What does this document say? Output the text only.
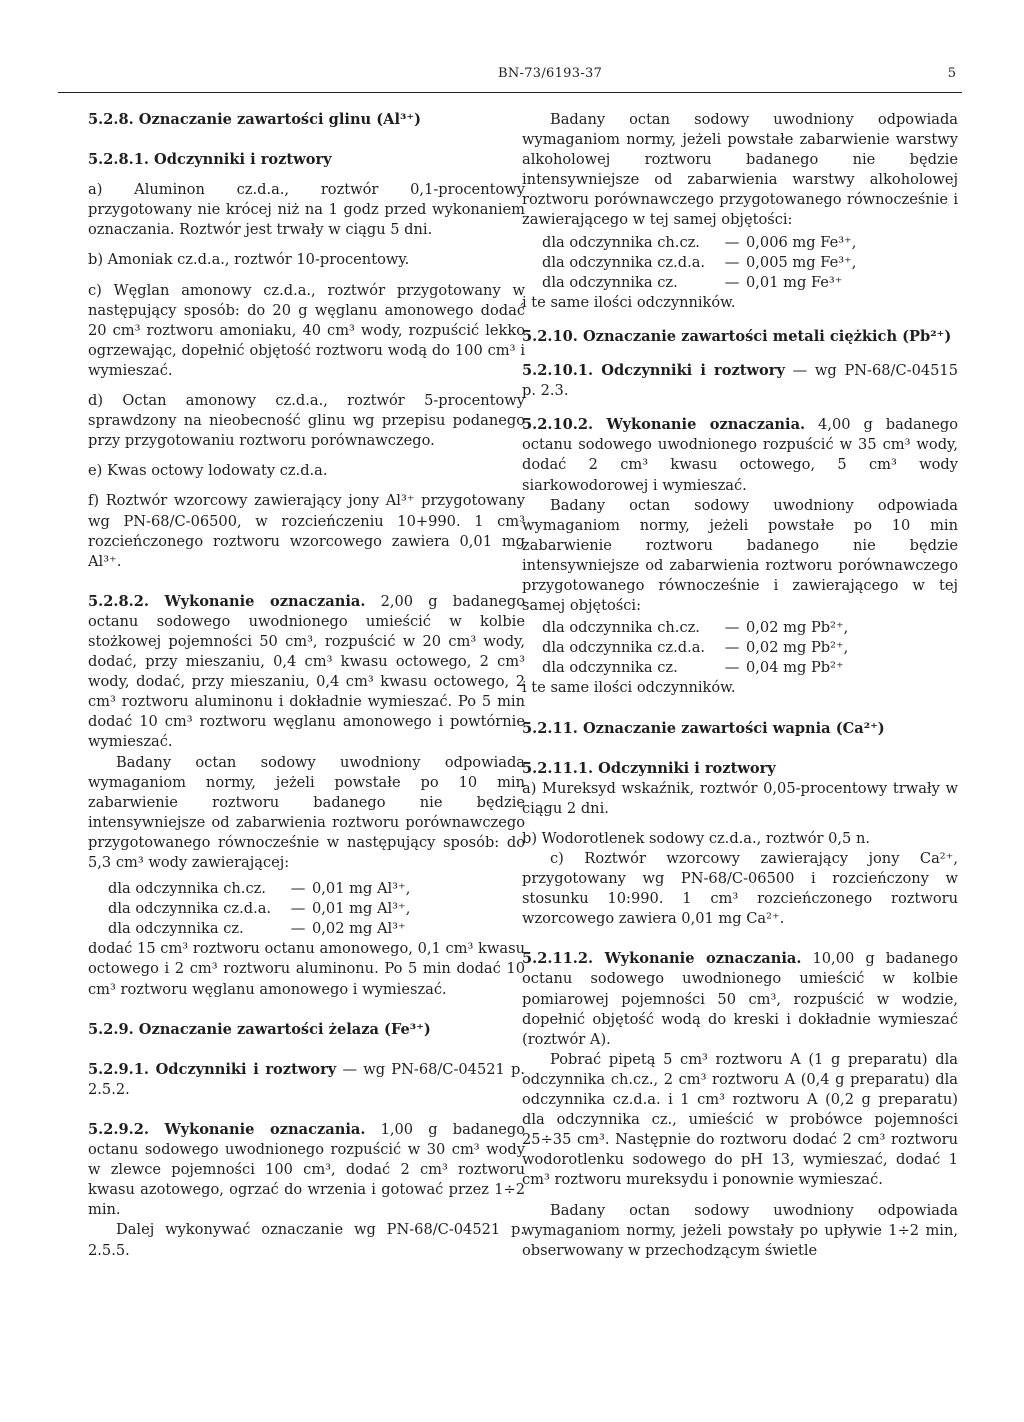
BN-73/6193-37	5

5.2.8. Oznaczanie zawartości glinu (Al³⁺)

5.2.8.1. Odczynniki i roztwory

a) Aluminon cz.d.a., roztwór 0,1-procentowy przygotowany nie krócej niż na 1 godz przed wykonaniem oznaczania. Roztwór jest trwały w ciągu 5 dni.

b) Amoniak cz.d.a., roztwór 10-procentowy.

c) Węglan amonowy cz.d.a., roztwór przygotowany w następujący sposób: do 20 g węglanu amonowego dodać 20 cm³ roztworu amoniaku, 40 cm³ wody, rozpuścić lekko ogrzewając, dopełnić objętość roztworu wodą do 100 cm³ i wymieszać.

d) Octan amonowy cz.d.a., roztwór 5-procentowy sprawdzony na nieobecność glinu wg przepisu podanego przy przygotowaniu roztworu porównawczego.

e) Kwas octowy lodowaty cz.d.a.

f) Roztwór wzorcowy zawierający jony Al³⁺ przygotowany wg PN-68/C-06500, w rozcieńczeniu 10+990. 1 cm³ rozcieńczonego roztworu wzorcowego zawiera 0,01 mg Al³⁺.

5.2.8.2. Wykonanie oznaczania. 2,00 g badanego octanu sodowego uwodnionego umieścić w kolbie stożkowej pojemności 50 cm³, rozpuścić w 20 cm³ wody, dodać, przy mieszaniu, 0,4 cm³ kwasu octowego, 2 cm³ wody, dodać, przy mieszaniu, 0,4 cm³ kwasu octowego, 2 cm³ roztworu aluminonu i dokładnie wymieszać. Po 5 min dodać 10 cm³ roztworu węglanu amonowego i powtórnie wymieszać.

Badany octan sodowy uwodniony odpowiada wymaganiom normy, jeżeli powstałe po 10 min zabarwienie roztworu badanego nie będzie intensywniejsze od zabarwienia roztworu porównawczego przygotowanego równocześnie w następujący sposób: do 5,3 cm³ wody zawierającej:

dla odczynnika ch.cz.	— 0,01 mg Al³⁺,
dla odczynnika cz.d.a.	— 0,01 mg Al³⁺,
dla odczynnika cz.	— 0,02 mg Al³⁺

dodać 15 cm³ roztworu octanu amonowego, 0,1 cm³ kwasu octowego i 2 cm³ roztworu aluminonu. Po 5 min dodać 10 cm³ roztworu węglanu amonowego i wymieszać.

5.2.9. Oznaczanie zawartości żelaza (Fe³⁺)

5.2.9.1. Odczynniki i roztwory — wg PN-68/C-04521 p. 2.5.2.

5.2.9.2. Wykonanie oznaczania. 1,00 g badanego octanu sodowego uwodnionego rozpuścić w 30 cm³ wody w zlewce pojemności 100 cm³, dodać 2 cm³ roztworu kwasu azotowego, ogrzać do wrzenia i gotować przez 1÷2 min.

Dalej wykonywać oznaczanie wg PN-68/C-04521 p. 2.5.5.

Badany octan sodowy uwodniony odpowiada wymaganiom normy, jeżeli powstałe zabarwienie warstwy alkoholowej roztworu badanego nie będzie intensywniejsze od zabarwienia warstwy alkoholowej roztworu porównawczego przygotowanego równocześnie i zawierającego w tej samej objętości:

dla odczynnika ch.cz.	— 0,006 mg Fe³⁺,
dla odczynnika cz.d.a.	— 0,005 mg Fe³⁺,
dla odczynnika cz.	— 0,01 mg Fe³⁺

i te same ilości odczynników.

5.2.10. Oznaczanie zawartości metali ciężkich (Pb²⁺)

5.2.10.1. Odczynniki i roztwory — wg PN-68/C-04515 p. 2.3.

5.2.10.2. Wykonanie oznaczania. 4,00 g badanego octanu sodowego uwodnionego rozpuścić w 35 cm³ wody, dodać 2 cm³ kwasu octowego, 5 cm³ wody siarkowodorowej i wymieszać.

Badany octan sodowy uwodniony odpowiada wymaganiom normy, jeżeli powstałe po 10 min zabarwienie roztworu badanego nie będzie intensywniejsze od zabarwienia roztworu porównawczego przygotowanego równocześnie i zawierającego w tej samej objętości:

dla odczynnika ch.cz.	— 0,02 mg Pb²⁺,
dla odczynnika cz.d.a.	— 0,02 mg Pb²⁺,
dla odczynnika cz.	— 0,04 mg Pb²⁺

i te same ilości odczynników.

5.2.11. Oznaczanie zawartości wapnia (Ca²⁺)

5.2.11.1. Odczynniki i roztwory

a) Mureksyd wskaźnik, roztwór 0,05-procentowy trwały w ciągu 2 dni.

b) Wodorotlenek sodowy cz.d.a., roztwór 0,5 n.

c) Roztwór wzorcowy zawierający jony Ca²⁺, przygotowany wg PN-68/C-06500 i rozcieńczony w stosunku 10:990. 1 cm³ rozcieńczonego roztworu wzorcowego zawiera 0,01 mg Ca²⁺.

5.2.11.2. Wykonanie oznaczania. 10,00 g badanego octanu sodowego uwodnionego umieścić w kolbie pomiarowej pojemności 50 cm³, rozpuścić w wodzie, dopełnić objętość wodą do kreski i dokładnie wymieszać (roztwór A).

Pobrać pipetą 5 cm³ roztworu A (1 g preparatu) dla odczynnika ch.cz., 2 cm³ roztworu A (0,4 g preparatu) dla odczynnika cz.d.a. i 1 cm³ roztworu A (0,2 g preparatu) dla odczynnika cz., umieścić w probówce pojemności 25÷35 cm³. Następnie do roztworu dodać 2 cm³ roztworu wodorotlenku sodowego do pH 13, wymieszać, dodać 1 cm³ roztworu mureksydu i ponownie wymieszać.

Badany octan sodowy uwodniony odpowiada wymaganiom normy, jeżeli powstały po upływie 1÷2 min, obserwowany w przechodzącym świetle
